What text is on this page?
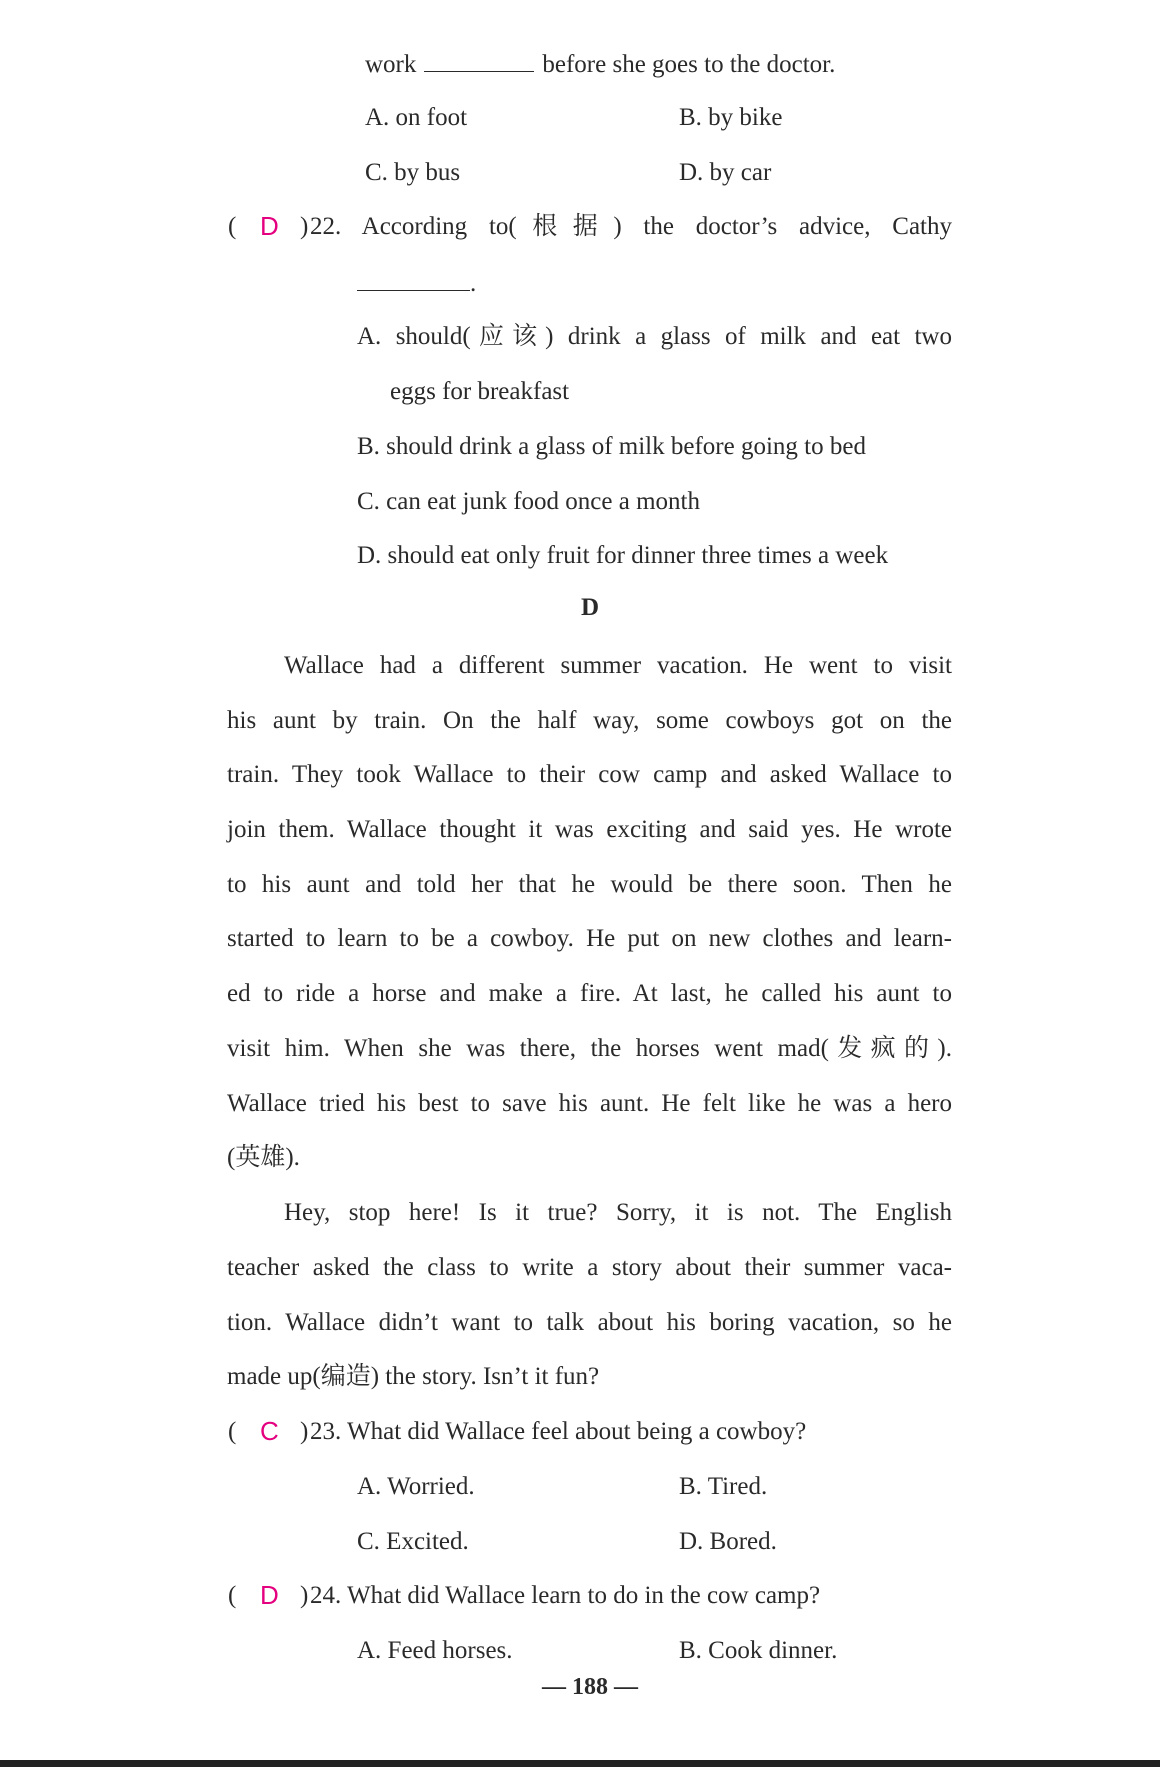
work	before she goes to the doctor.
A. on foot	B. by bike
C. by bus	D. by car
( D ) 22. According to(根据) the doctor’s advice, Cathy
.
A. should(应该) drink a glass of milk and eat two
eggs for breakfast
B. should drink a glass of milk before going to bed
C. can eat junk food once a month
D. should eat only fruit for dinner three times a week
D
Wallace had a different summer vacation. He went to visit
his aunt by train. On the half way, some cowboys got on the
train. They took Wallace to their cow camp and asked Wallace to
join them. Wallace thought it was exciting and said yes. He wrote
to his aunt and told her that he would be there soon. Then he
started to learn to be a cowboy. He put on new clothes and learn-
ed to ride a horse and make a fire. At last, he called his aunt to
visit him. When she was there, the horses went mad(发疯的).
Wallace tried his best to save his aunt. He felt like he was a hero
(英雄).
Hey, stop here! Is it true? Sorry, it is not. The English
teacher asked the class to write a story about their summer vaca-
tion. Wallace didn’t want to talk about his boring vacation, so he
made up(编造) the story. Isn’t it fun?
( C ) 23. What did Wallace feel about being a cowboy?
A. Worried.	B. Tired.
C. Excited.	D. Bored.
( D ) 24. What did Wallace learn to do in the cow camp?
A. Feed horses.	B. Cook dinner.
— 188 —
